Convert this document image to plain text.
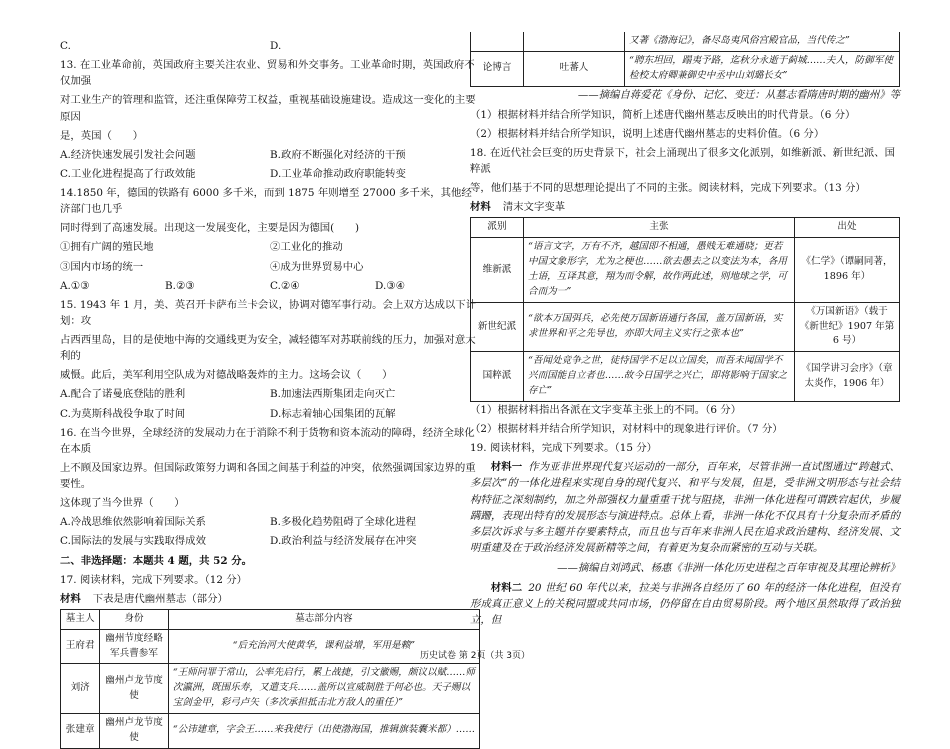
C.	D.

13. 在工业革命前，英国政府主要关注农业、贸易和外交事务。工业革命时期，英国政府不仅加强

对工业生产的管理和监管，还注重保障劳工权益，重视基础设施建设。造成这一变化的主要原因

是，英国（　　）

A.经济快速发展引发社会问题	B.政府不断强化对经济的干预
C.工业化进程提高了行政效能	D.工业革命推动政府职能转变

14.1850 年，德国的铁路有 6000 多千米，而到 1875 年则增至 27000 多千米，其他经济部门也几乎

同时得到了高速发展。出现这一发展变化，主要是因为德国(　　)

①拥有广阔的殖民地	②工业化的推动
③国内市场的统一	④成为世界贸易中心
A.①③	B.②③	C.②④	D.③④

15. 1943 年 1 月，美、英召开卡萨布兰卡会议，协调对德军事行动。会上双方达成以下计划：攻

占西西里岛，目的是使地中海的交通线更为安全，减轻德军对苏联前线的压力，加强对意大利的

威慑。此后，美军利用空队成为对德战略轰炸的主力。这场会议（　　）

A.配合了诺曼底登陆的胜利	B.加速法西斯集团走向灭亡
C.为莫斯科战役争取了时间	D.标志着轴心国集团的瓦解

16. 在当今世界，全球经济的发展动力在于消除不利于货物和资本流动的障碍，经济全球化在本质

上不顾及国家边界。但国际政策努力调和各国之间基于利益的冲突，依然强调国家边界的重要性。

这体现了当今世界（　　）

A.冷战思维依然影响着国际关系	B.多极化趋势阻碍了全球化进程
C.国际法的发展与实践取得成效	D.政治利益与经济发展存在冲突

二、非选择题：本题共 4 题，共 52 分。

17. 阅读材料，完成下列要求。（12 分）

材料 下表是唐代幽州墓志（部分）

墓主人	身份	墓志部分内容
王府君	幽州节度经略军兵曹参军	“后充治河大使黄华，课利益增，军用是赖”
刘济	幽州卢龙节度使	“王师问罪于常山，公率先启行，累上战捷，引文徽赐，颇议以赋……师次瀛洲，既围乐寿，又遣支兵……盖所以宣威制胜于何必也。天子赐以宝剑金甲，彩弓卢矢（多次承担抵击北方敌人的重任）”
张建章	幽州卢龙节度使	“公讳建章，字会王……来我使行（出使渤海国，推辑旗装囊米都）……
		又著《渤海记》，备尽岛夷风俗宫殿官品，当代传之”
论博言	吐蕃人	“聘东坦回，蹋夷予路，迄秋分永逝于蓟城……夫人，防御军使检校太府卿兼御史中丞中山刘璐长女”

——摘编自蒋爱花《身份、记忆、变迁：从墓志看隋唐时期的幽州》等

（1）根据材料并结合所学知识，简析上述唐代幽州墓志反映出的时代背景。（6 分）

（2）根据材料并结合所学知识，说明上述唐代幽州墓志的史料价值。（6 分）

18. 在近代社会巨变的历史背景下，社会上涌现出了很多文化派别，如维新派、新世纪派、国粹派

等，他们基于不同的思想理论提出了不同的主张。阅读材料，完成下列要求。（13 分）

材料 清末文字变革

派别	主张	出处
维新派	“语言文字，万有不齐，越国即不相通，愚贱无难通晓；更若中国文象形字，尤为之梗也……欲去愚去之以变法为本，各用土语，互译其意，翔为而令解，故作两此述，则地球之学，可合而为一”	《仁学》（谭嗣同著，1896 年）
新世纪派	“欲本万国弭兵，必先使万国新语通行各国，盖万国新语，实求世界和平之先导也，亦即大同主义实行之张本也”	《万国新语》（载于《新世纪》1907 年第 6 号）
国粹派	“吾闻处竞争之世，徒恃国学不足以立国矣，而吾未闻国学不兴而国能自立者也……故今日国学之兴亡，即将影响于国家之存亡”	《国学讲习会序》（章太炎作，1906 年）

（1）根据材料指出各派在文字变革主张上的不同。（6 分）

（2）根据材料并结合所学知识，对材料中的现象进行评价。（7 分）

19. 阅读材料，完成下列要求。（15 分）

材料一 作为亚非世界现代复兴运动的一部分，百年来，尽管非洲一直试图通过“跨越式、多层次”的一体化进程来实现自身的现代复兴、和平与发展，但是，受非洲文明形态与社会结构特征之深刻制约，加之外部强权力量重重干扰与阻挠，非洲一体化进程可谓跌宕起伏，步履蹒跚，表现出特有的发展形态与演进特点。总体上看，非洲一体化不仅具有十分复杂而矛盾的多层次诉求与多主题并存要素特点，而且也与百年来非洲人民在追求政治建构、经济发展、文明重建及在于政治经济发展新精等之间，有着更为复杂而紧密的互动与关联。

——摘编自刘鸿武、杨惠《非洲一体化历史进程之百年审视及其理论辨析》

材料二 20 世纪 60 年代以来，拉美与非洲各自经历了 60 年的经济一体化进程，但没有形成真正意义上的关税同盟或共同市场，仍停留在自由贸易阶段。两个地区虽然取得了政治独立，但

历史试卷 第 2页（共 3页）
